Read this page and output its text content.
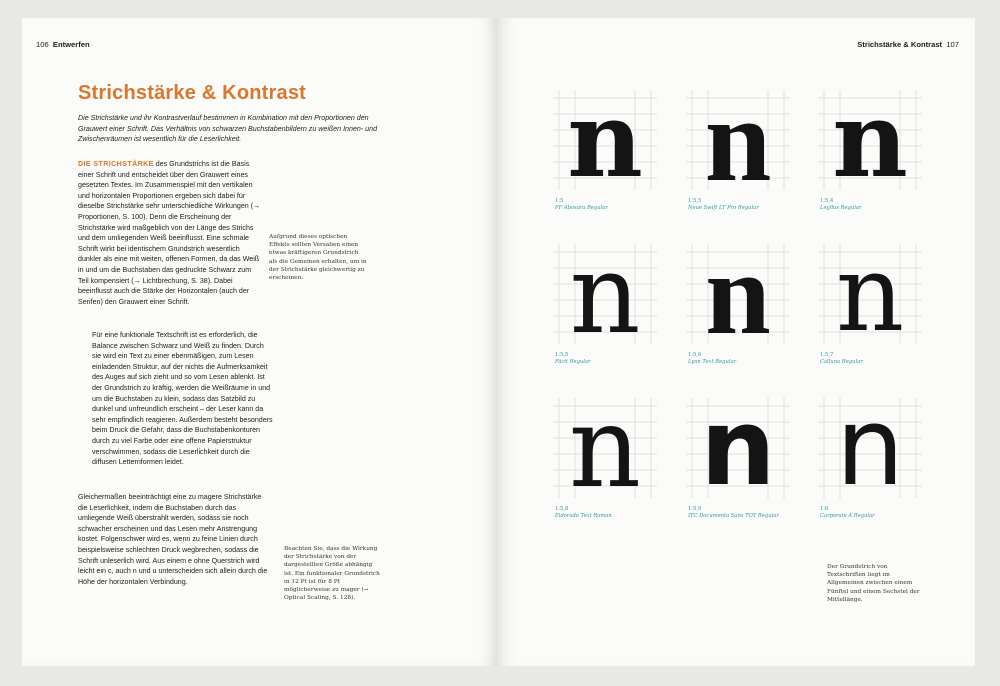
106 Entwerfen
Strichstärke & Kontrast
Die Strichstärke und ihr Kontrastverlauf bestimmen in Kombination mit den Proportionen den Grauwert einer Schrift. Das Verhältnis von schwarzen Buchstabenbildern zu weißen Innen- und Zwischenräumen ist wesentlich für die Leserlichkeit.

DIE STRICHSTÄRKE des Grundstrichs ist die Basis einer Schrift und entscheidet über den Grauwert eines gesetzten Textes. Im Zusammenspiel mit den vertikalen und horizontalen Proportionen ergeben sich dabei für dieselbe Strichstärke sehr unterschiedliche Wirkungen (→ Proportionen, S. 100). Denn die Erscheinung der Strichstärke wird maßgeblich von der Länge des Strichs und dem umliegenden Weiß beeinflusst. Eine schmale Schrift wirkt bei identischem Grundstrich wesentlich dunkler als eine mit weiten, offenen Formen, da das Weiß in und um die Buchstaben das gedruckte Schwarz zum Teil kompensiert (→ Lichtbrechung, S. 38). Dabei beeinflusst auch die Stärke der Horizontalen (auch der Serifen) den Grauwert einer Schrift.

Für eine funktionale Textschrift ist es erforderlich, die Balance zwischen Schwarz und Weiß zu finden. Durch sie wird ein Text zu einer ebenmäßigen, zum Lesen einladenden Struktur, auf der nichts die Aufmerksamkeit des Auges auf sich zieht und so vom Lesen ablenkt. Ist der Grundstrich zu kräftig, werden die Weißräume in und um die Buchstaben zu klein, sodass das Satzbild zu dunkel und unfreundlich erscheint – der Leser kann da sehr empfindlich reagieren. Außerdem besteht besonders beim Druck die Gefahr, dass die Buchstabenkonturen durch zu viel Farbe oder eine offene Papierstruktur verschwimmen, sodass die Leserlichkeit durch die diffusen Letternformen leidet.

Gleichermaßen beeinträchtigt eine zu magere Strichstärke die Leserlichkeit, indem die Buchstaben durch das umliegende Weiß überstrahlt werden, sodass sie noch schwacher erscheinen und das Lesen mehr Anstrengung kostet. Folgenschwer wird es, wenn zu feine Linien durch beispielsweise schlechten Druck wegbrechen, sodass die Schrift unleserlich wird. Aus einem e ohne Querstrich wird leicht ein c, auch n und u unterscheiden sich allein durch die Höhe der horizontalen Verbindung.

Aufgrund dieses optischen Effekts sollten Versalien einen etwas kräftigeren Grundstrich als die Gemeinen erhalten, um in der Strichstärke gleichwertig zu erscheinen.
Beachten Sie, dass die Wirkung der Strichstärke von der dargestellten Größe abhängig ist. Ein funktionaler Grundstrich in 12 Pt ist für 8 Pt möglicherweise zu mager (→ Optical Scaling, S. 128).
Strichstärke & Kontrast 107
n
1:5
FF Abosara Regular
n
1:5,5
Neue Swift LT Pro Regular
n
1:5,4
Leyflus Regular
n
1:5,5
Fäcit Regular
n
1:5,6
Lyon Text Regular
n
1:5,7
Calluna Regular
n
1:5,8
Eldorado Text Roman
n
1:5,9
ITC Documenta Sans TOT Regular
n
1:6
Corporate A Regular
Der Grundstrich von Textschriften liegt im Allgemeinen zwischen einem Fünftel und einem Sechstel der Mittellänge.
